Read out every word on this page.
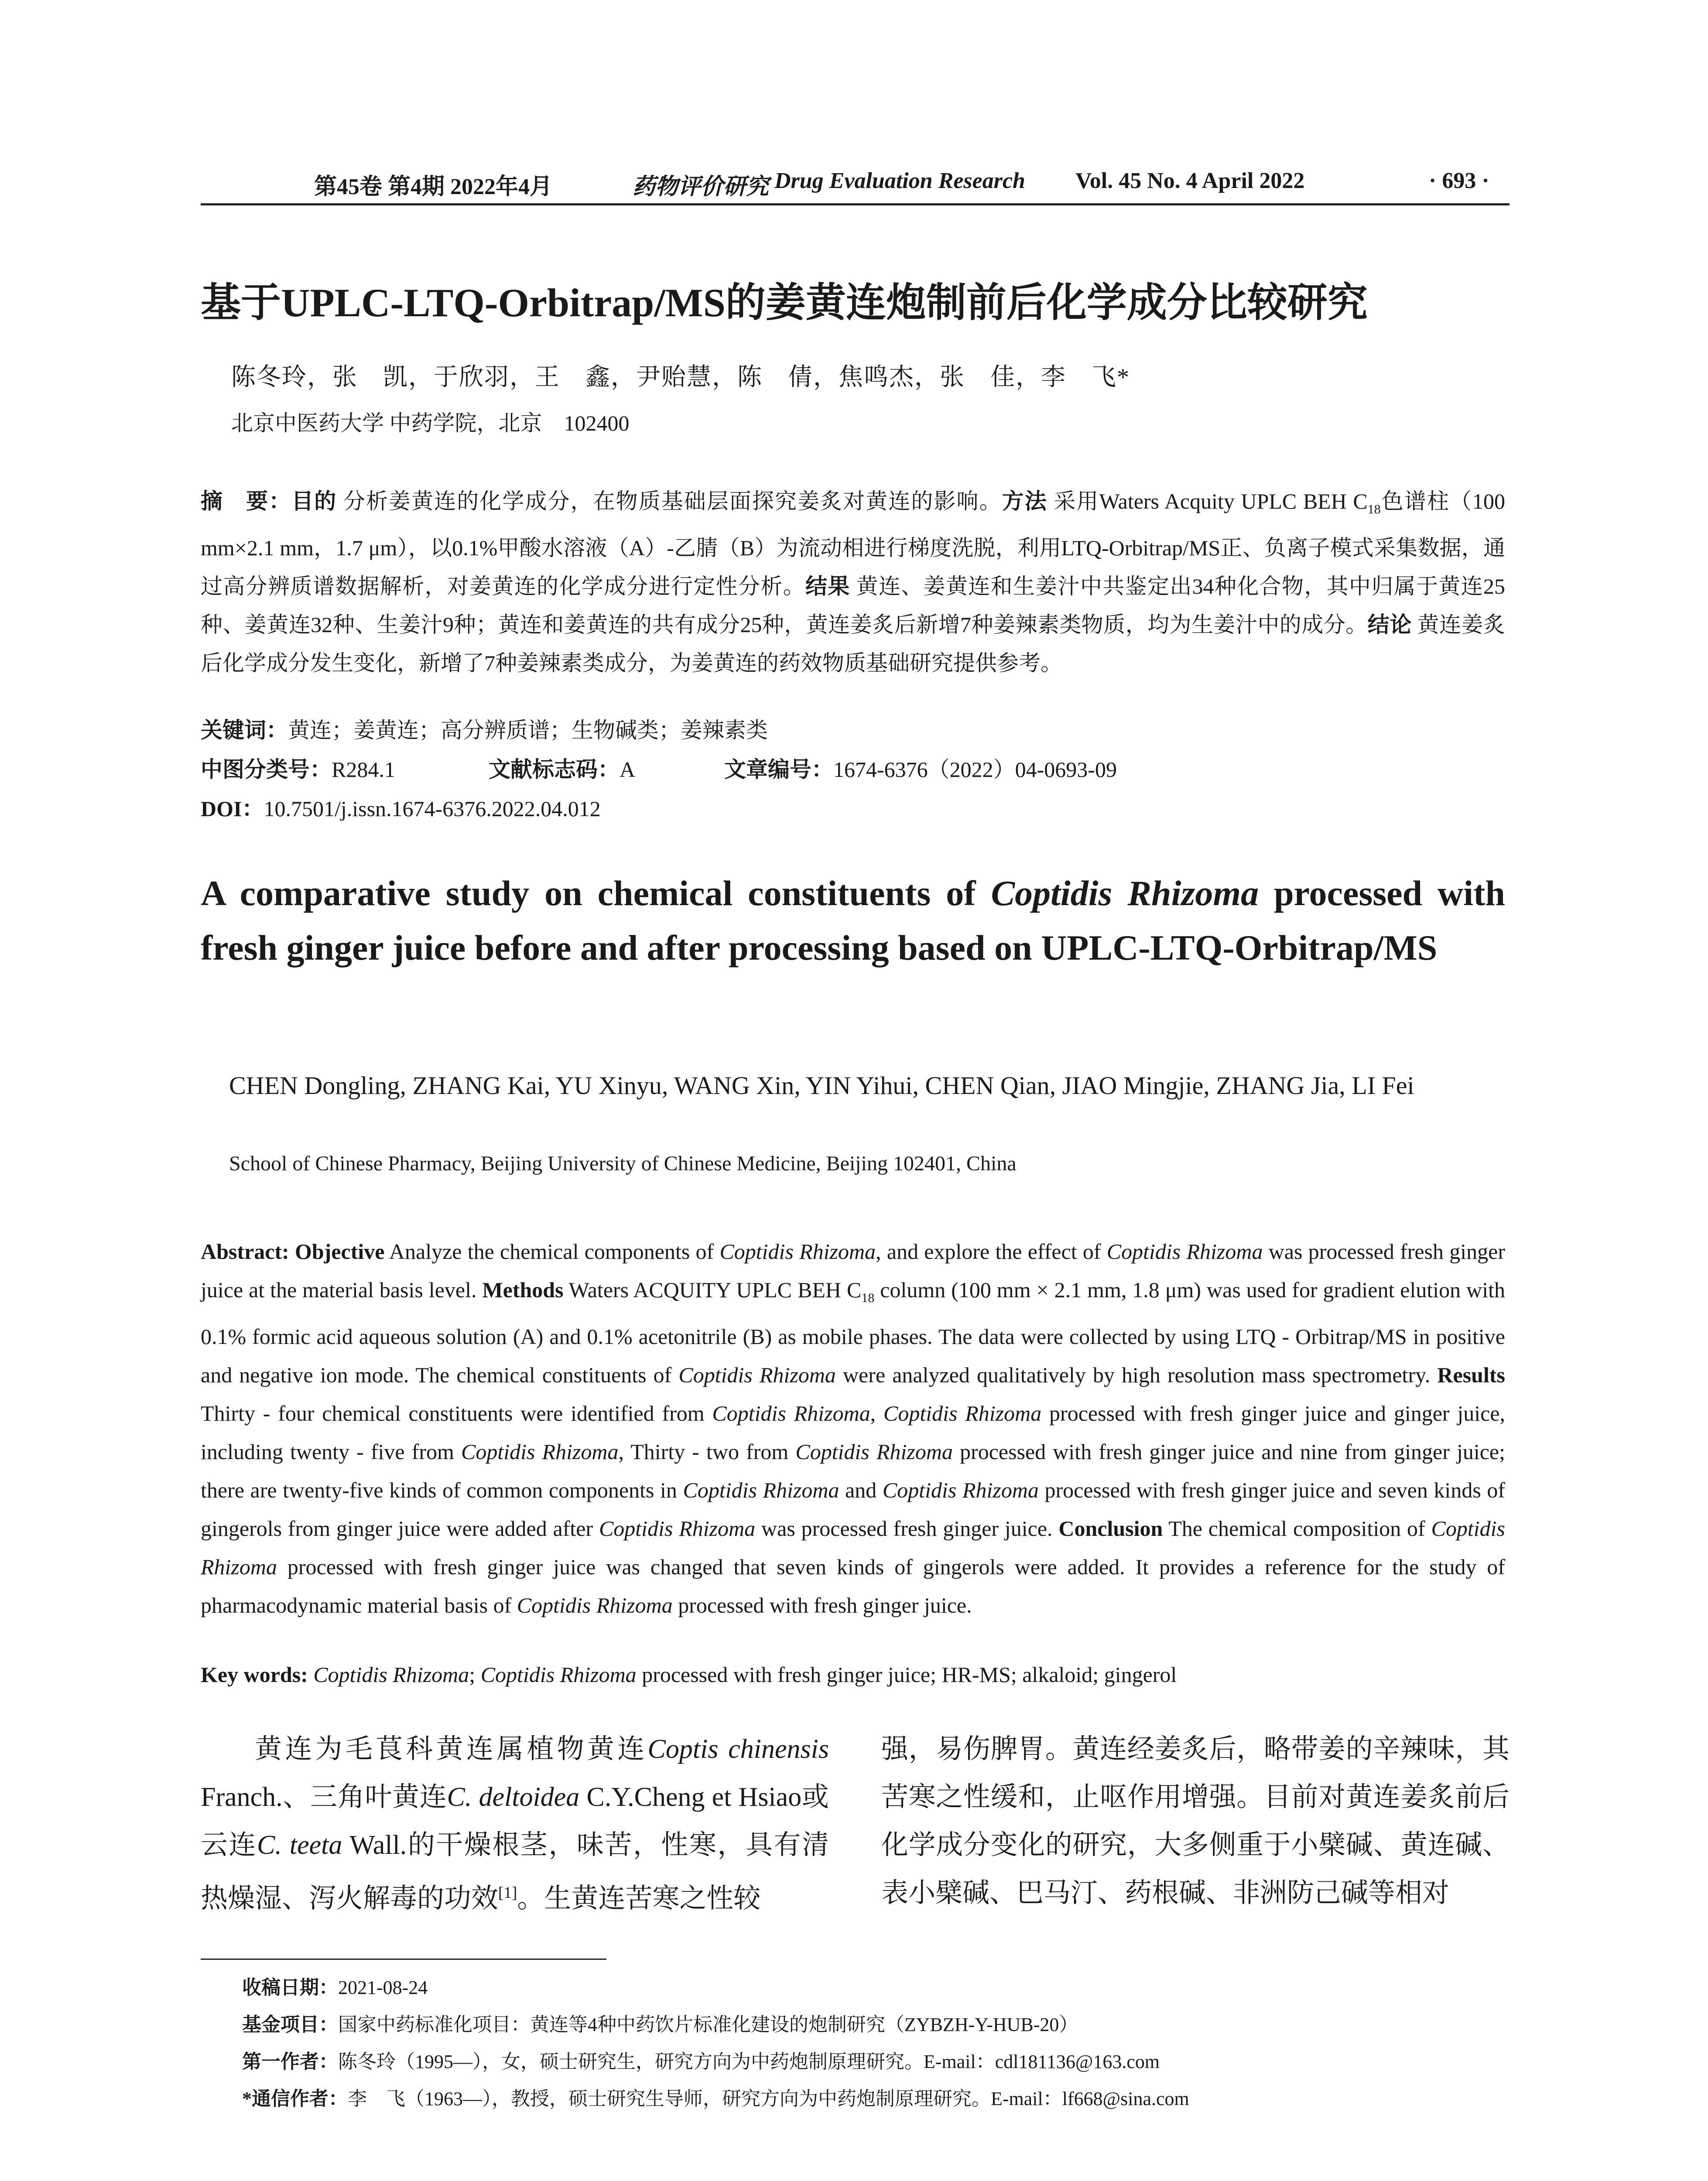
第45卷 第4期 2022年4月	药物评价研究 Drug Evaluation Research Vol. 45 No. 4 April 2022	· 693 ·
基于UPLC-LTQ-Orbitrap/MS的姜黄连炮制前后化学成分比较研究
陈冬玲，张　凯，于欣羽，王　鑫，尹贻慧，陈　倩，焦鸣杰，张　佳，李　飞*
北京中医药大学 中药学院，北京　102400
摘　要：目的 分析姜黄连的化学成分，在物质基础层面探究姜炙对黄连的影响。方法 采用Waters Acquity UPLC BEH $C_{18}$色谱柱（100 mm×2.1 mm，1.7 μm），以0.1%甲酸水溶液（A）-乙腈（B）为流动相进行梯度洗脱，利用LTQ-Orbitrap/MS正、负离子模式采集数据，通过高分辨质谱数据解析，对姜黄连的化学成分进行定性分析。结果 黄连、姜黄连和生姜汁中共鉴定出34种化合物，其中归属于黄连25种、姜黄连32种、生姜汁9种；黄连和姜黄连的共有成分25种，黄连姜炙后新增7种姜辣素类物质，均为生姜汁中的成分。结论 黄连姜炙后化学成分发生变化，新增了7种姜辣素类成分，为姜黄连的药效物质基础研究提供参考。
关键词：黄连；姜黄连；高分辨质谱；生物碱类；姜辣素类
中图分类号：R284.1	文献标志码：A	文章编号：1674-6376（2022）04-0693-09
DOI：10.7501/j.issn.1674-6376.2022.04.012
A comparative study on chemical constituents of Coptidis Rhizoma processed with fresh ginger juice before and after processing based on UPLC-LTQ-Orbitrap/MS
CHEN Dongling, ZHANG Kai, YU Xinyu, WANG Xin, YIN Yihui, CHEN Qian, JIAO Mingjie, ZHANG Jia, LI Fei
School of Chinese Pharmacy, Beijing University of Chinese Medicine, Beijing 102401, China
Abstract: Objective Analyze the chemical components of Coptidis Rhizoma, and explore the effect of Coptidis Rhizoma was processed fresh ginger juice at the material basis level. Methods Waters ACQUITY UPLC BEH $C_{18}$ column (100 mm × 2.1 mm, 1.8 μm) was used for gradient elution with 0.1% formic acid aqueous solution (A) and 0.1% acetonitrile (B) as mobile phases. The data were collected by using LTQ - Orbitrap/MS in positive and negative ion mode. The chemical constituents of Coptidis Rhizoma were analyzed qualitatively by high resolution mass spectrometry. Results Thirty - four chemical constituents were identified from Coptidis Rhizoma, Coptidis Rhizoma processed with fresh ginger juice and ginger juice, including twenty - five from Coptidis Rhizoma, Thirty - two from Coptidis Rhizoma processed with fresh ginger juice and nine from ginger juice; there are twenty-five kinds of common components in Coptidis Rhizoma and Coptidis Rhizoma processed with fresh ginger juice and seven kinds of gingerols from ginger juice were added after Coptidis Rhizoma was processed fresh ginger juice. Conclusion The chemical composition of Coptidis Rhizoma processed with fresh ginger juice was changed that seven kinds of gingerols were added. It provides a reference for the study of pharmacodynamic material basis of Coptidis Rhizoma processed with fresh ginger juice.
Key words: Coptidis Rhizoma; Coptidis Rhizoma processed with fresh ginger juice; HR-MS; alkaloid; gingerol
黄连为毛茛科黄连属植物黄连Coptis chinensis Franch.、三角叶黄连C. deltoidea C.Y.Cheng et Hsiao或云连C. teeta Wall.的干燥根茎，味苦，性寒，具有清热燥湿、泻火解毒的功效[1]。生黄连苦寒之性较
强，易伤脾胃。黄连经姜炙后，略带姜的辛辣味，其苦寒之性缓和，止呕作用增强。目前对黄连姜炙前后化学成分变化的研究，大多侧重于小檗碱、黄连碱、表小檗碱、巴马汀、药根碱、非洲防己碱等相对
收稿日期：2021-08-24
基金项目：国家中药标准化项目：黄连等4种中药饮片标准化建设的炮制研究（ZYBZH-Y-HUB-20）
第一作者：陈冬玲（1995—），女，硕士研究生，研究方向为中药炮制原理研究。E-mail：cdl181136@163.com
*通信作者：李　飞（1963—），教授，硕士研究生导师，研究方向为中药炮制原理研究。E-mail：lf668@sina.com
